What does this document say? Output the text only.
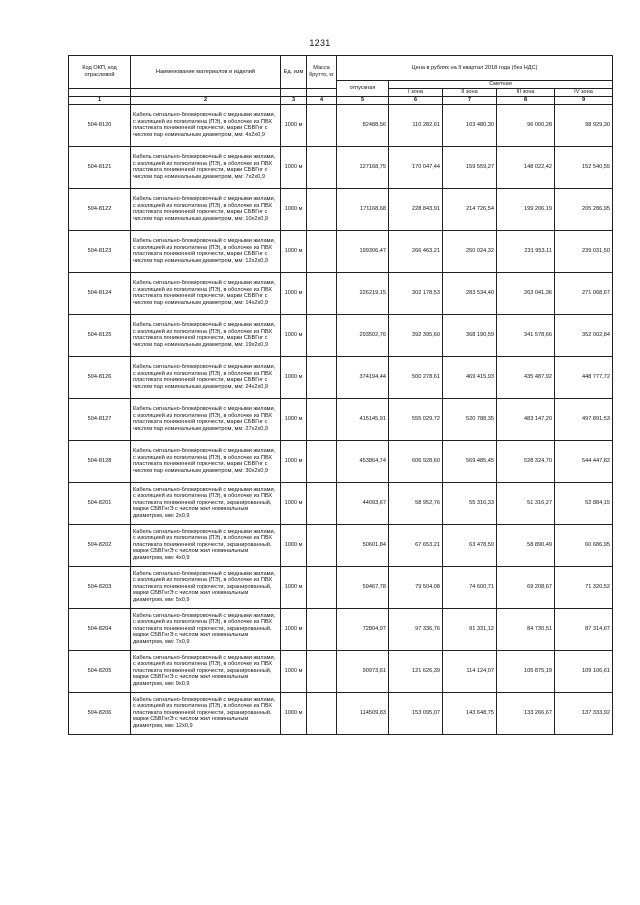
1231
Код ОКП, код отраслевой	Наименование материалов и изделий	Ед. изм	Масса брутто, кг	Цена в рублях на II квартал 2018 года (без НДС)				
				отпускная	Сметная			
					I зона	II зона	III зона	IV зона
1	2	3	4	5	6	7	8	9
504-8120	Кабель сигнально-блокировочный с медными жилами, с изоляцией из полиэтилена (ПЭ), в оболочке из ПВХ пластиката пониженной горючести, марки СБВГнг с числом пар номинальным диаметром, мм: 4х2х0,9	1000 м		82488,56	110 282,61	103 480,30	96 000,28	98 929,30
504-8121	Кабель сигнально-блокировочный с медными жилами, с изоляцией из полиэтилена (ПЭ), в оболочке из ПВХ пластиката пониженной горючести, марки СБВГнг с числом пар номинальным диаметром, мм: 7х2х0,9	1000 м		127168,75	170 047,44	159 559,27	148 022,42	152 540,55
504-8122	Кабель сигнально-блокировочный с медными жилами, с изоляцией из полиэтилена (ПЭ), в оболочке из ПВХ пластиката пониженной горючести, марки СБВГнг с числом пар номинальным диаметром, мм: 10х2х0,9	1000 м		171168,68	228 843,91	214 726,54	199 206,19	205 286,95
504-8123	Кабель сигнально-блокировочный с медными жилами, с изоляцией из полиэтилена (ПЭ), в оболочке из ПВХ пластиката пониженной горючести, марки СБВГнг с числом пар номинальным диаметром, мм: 12х2х0,9	1000 м		199306,47	266 463,21	250 024,32	231 953,11	239 031,50
504-8124	Кабель сигнально-блокировочный с медными жилами, с изоляцией из полиэтилена (ПЭ), в оболочке из ПВХ пластиката пониженной горючести, марки СБВГнг с числом пар номинальным диаметром, мм: 14х2х0,9	1000 м		226219,15	302 178,53	283 534,40	263 041,36	271 068,67
504-8125	Кабель сигнально-блокировочный с медными жилами, с изоляцией из полиэтилена (ПЭ), в оболочке из ПВХ пластиката пониженной горючести, марки СБВГнг с числом пар номинальным диаметром, мм: 19х2х0,9	1000 м		293502,76	392 395,60	368 190,59	341 578,66	352 002,84
504-8126	Кабель сигнально-блокировочный с медными жилами, с изоляцией из полиэтилена (ПЭ), в оболочке из ПВХ пластиката пониженной горючести, марки СБВГнг с числом пар номинальным диаметром, мм: 24х2х0,9	1000 м		374194,44	500 278,61	469 415,93	435 487,92	448 777,72
504-8127	Кабель сигнально-блокировочный с медными жилами, с изоляцией из полиэтилена (ПЭ), в оболочке из ПВХ пластиката пониженной горючести, марки СБВГнг с числом пар номинальным диаметром, мм: 27х2х0,9	1000 м		415145,91	555 029,72	520 788,35	483 147,20	497 891,53
504-8128	Кабель сигнально-блокировочный с медными жилами, с изоляцией из полиэтилена (ПЭ), в оболочке из ПВХ пластиката пониженной горючести, марки СБВГнг с числом пар номинальным диаметром, мм: 30х2х0,9	1000 м		453864,74	606 928,60	569 485,45	528 324,70	544 447,82
504-8201	Кабель сигнально-блокировочный с медными жилами, с изоляцией из полиэтилена (ПЭ), в оболочке из ПВХ пластиката пониженной горючести, экранированный, марки СБВГнгЭ с числом жил номинальным диаметром, мм: 2х0,9	1000 м		44093,67	58 952,76	55 316,33	51 316,27	52 884,15
504-8202	Кабель сигнально-блокировочный с медными жилами, с изоляцией из полиэтилена (ПЭ), в оболочке из ПВХ пластиката пониженной горючести, экранированный, марки СБВГнгЭ с числом жил номинальным диаметром, мм: 4х0,9	1000 м		50601,84	67 653,21	63 478,50	58 890,49	60 686,95
504-8203	Кабель сигнально-блокировочный с медными жилами, с изоляцией из полиэтилена (ПЭ), в оболочке из ПВХ пластиката пониженной горючести, экранированный, марки СБВГнгЭ с числом жил номинальным диаметром, мм: 5х0,9	1000 м		59467,78	79 504,08	74 600,71	69 208,67	71 320,52
504-8204	Кабель сигнально-блокировочный с медными жилами, с изоляцией из полиэтилена (ПЭ), в оболочке из ПВХ пластиката пониженной горючести, экранированный, марки СБВГнгЭ с числом жил номинальным диаметром, мм: 7х0,9	1000 м		72804,97	97 336,76	91 331,12	84 730,51	87 314,67
504-8205	Кабель сигнально-блокировочный с медными жилами, с изоляцией из полиэтилена (ПЭ), в оболочке из ПВХ пластиката пониженной горючести, экранированный, марки СБВГнгЭ с числом жил номинальным диаметром, мм: 9х0,9	1000 м		90973,61	121 626,39	114 124,07	105 875,19	109 106,61
504-8206	Кабель сигнально-блокировочный с медными жилами, с изоляцией из полиэтилена (ПЭ), в оболочке из ПВХ пластиката пониженной горючести, экранированный, марки СБВГнгЭ с числом жил номинальным диаметром, мм: 12х0,9	1000 м		114509,83	153 095,07	143 648,75	133 266,67	137 333,92
